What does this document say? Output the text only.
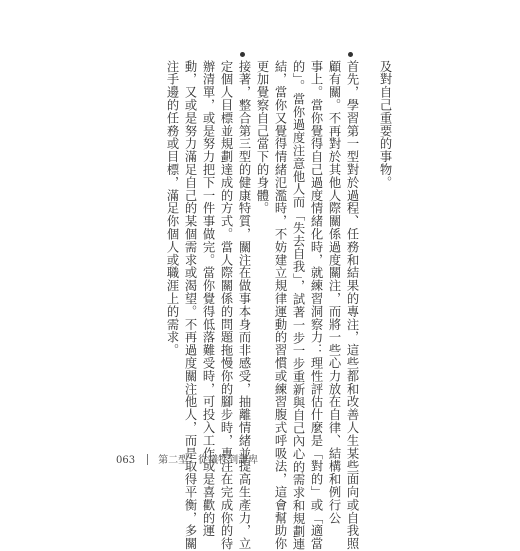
及對自己重要的事物。
首先，學習第一型對於過程、任務和結果的專注，這些都和改善人生某些面向或自我照
顧有關。不再對於其他人際關係過度關注，而將一些心力放在自律、結構和例行公
事上。當你覺得自己過度情緒化時，就練習洞察力：理性評估什麼是「對的」或「適當
的」。當你過度注意他人而「失去自我」，試著一步一步重新與自己內心的需求和規劃連
結，當你又覺得情緒氾濫時，不妨建立規律運動的習慣或練習腹式呼吸法，這會幫助你
更加覺察自己當下的身體。
接著，整合第三型的健康特質，關注在做事本身而非感受，抽離情緒並提高生產力，立
定個人目標並規劃達成的方式。當人際關係的問題拖慢你的腳步時，專注在完成你的待
辦清單，或是努力把下一件事做完。當你覺得低落難受時，可投入工作或是喜歡的運
動，又或是努力滿足自己的某個需求或渴望。不再過度關注他人，而是取得平衡，多關
注手邊的任務或目標，滿足你個人或職涯上的需求。
063 第二型：從犧牲到謙卑
